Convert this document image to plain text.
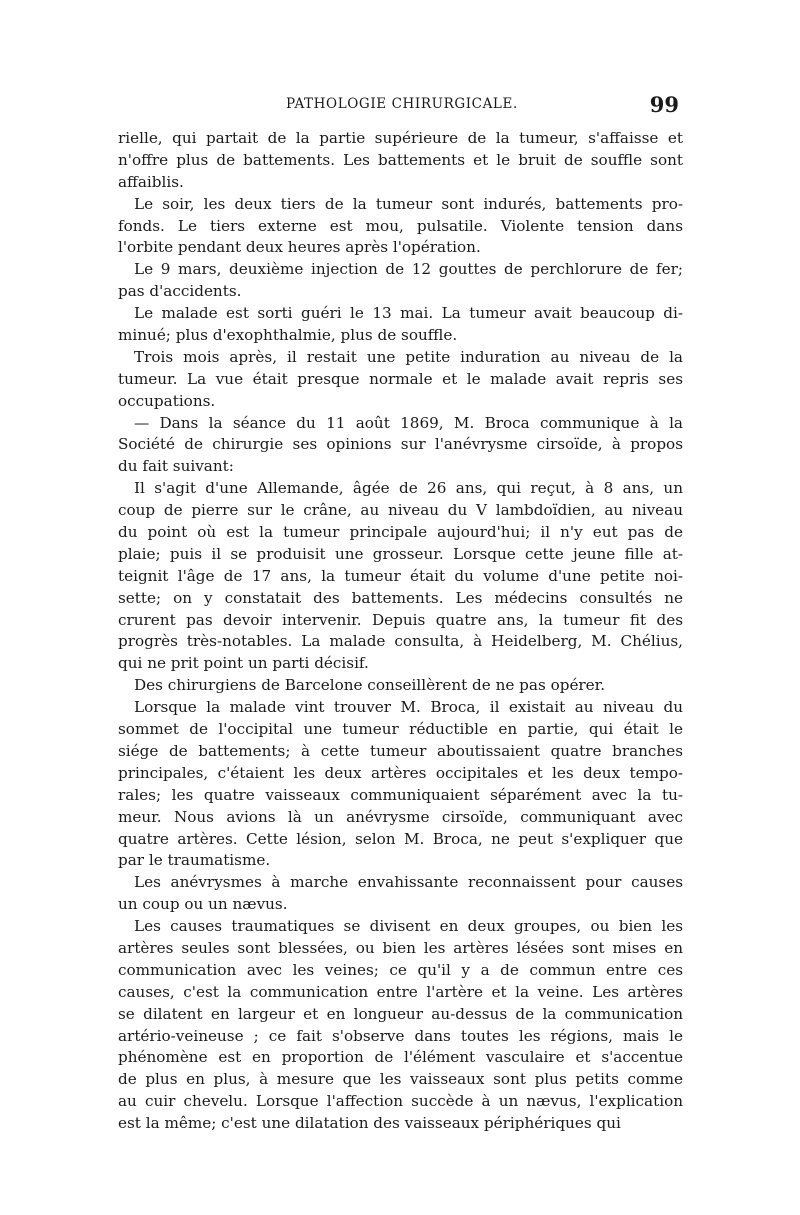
PATHOLOGIE CHIRURGICALE.	99

rielle, qui partait de la partie supérieure de la tumeur, s'affaisse et
n'offre plus de battements. Les battements et le bruit de souffle sont
affaiblis.

Le soir, les deux tiers de la tumeur sont indurés, battements pro-
fonds. Le tiers externe est mou, pulsatile. Violente tension dans
l'orbite pendant deux heures après l'opération.

Le 9 mars, deuxième injection de 12 gouttes de perchlorure de fer;
pas d'accidents.

Le malade est sorti guéri le 13 mai. La tumeur avait beaucoup di-
minué; plus d'exophthalmie, plus de souffle.

Trois mois après, il restait une petite induration au niveau de la
tumeur. La vue était presque normale et le malade avait repris ses
occupations.

— Dans la séance du 11 août 1869, M. Broca communique à la
Société de chirurgie ses opinions sur l'anévrysme cirsoïde, à propos
du fait suivant:

Il s'agit d'une Allemande, âgée de 26 ans, qui reçut, à 8 ans, un
coup de pierre sur le crâne, au niveau du V lambdoïdien, au niveau
du point où est la tumeur principale aujourd'hui; il n'y eut pas de
plaie; puis il se produisit une grosseur. Lorsque cette jeune fille at-
teignit l'âge de 17 ans, la tumeur était du volume d'une petite noi-
sette; on y constatait des battements. Les médecins consultés ne
crurent pas devoir intervenir. Depuis quatre ans, la tumeur fit des
progrès très-notables. La malade consulta, à Heidelberg, M. Chélius,
qui ne prit point un parti décisif.

Des chirurgiens de Barcelone conseillèrent de ne pas opérer.

Lorsque la malade vint trouver M. Broca, il existait au niveau du
sommet de l'occipital une tumeur réductible en partie, qui était le
siége de battements; à cette tumeur aboutissaient quatre branches
principales, c'étaient les deux artères occipitales et les deux tempo-
rales; les quatre vaisseaux communiquaient séparément avec la tu-
meur. Nous avions là un anévrysme cirsoïde, communiquant avec
quatre artères. Cette lésion, selon M. Broca, ne peut s'expliquer que
par le traumatisme.

Les anévrysmes à marche envahissante reconnaissent pour causes
un coup ou un nævus.

Les causes traumatiques se divisent en deux groupes, ou bien les
artères seules sont blessées, ou bien les artères lésées sont mises en
communication avec les veines; ce qu'il y a de commun entre ces
causes, c'est la communication entre l'artère et la veine. Les artères
se dilatent en largeur et en longueur au-dessus de la communication
artério-veineuse ; ce fait s'observe dans toutes les régions, mais le
phénomène est en proportion de l'élément vasculaire et s'accentue
de plus en plus, à mesure que les vaisseaux sont plus petits comme
au cuir chevelu. Lorsque l'affection succède à un nævus, l'explication
est la même; c'est une dilatation des vaisseaux périphériques qui
